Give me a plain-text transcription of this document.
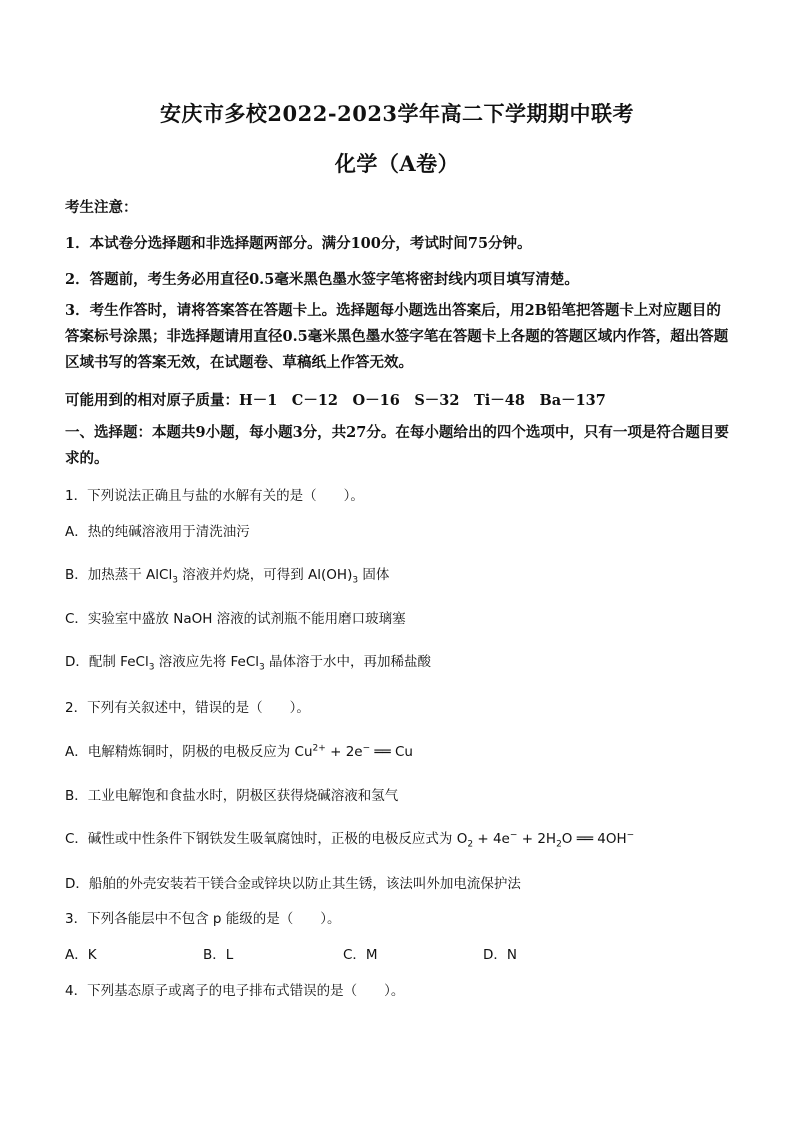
安庆市多校2022-2023学年高二下学期期中联考
化学（A卷）
考生注意：
1．本试卷分选择题和非选择题两部分。满分100分，考试时间75分钟。
2．答题前，考生务必用直径0.5毫米黑色墨水签字笔将密封线内项目填写清楚。
3．考生作答时，请将答案答在答题卡上。选择题每小题选出答案后，用2B铅笔把答题卡上对应题目的答案标号涂黑；非选择题请用直径0.5毫米黑色墨水签字笔在答题卡上各题的答题区域内作答，超出答题区域书写的答案无效，在试题卷、草稿纸上作答无效。
可能用到的相对原子质量：H－1　C－12　O－16　S－32　Ti－48　Ba－137
一、选择题：本题共9小题，每小题3分，共27分。在每小题给出的四个选项中，只有一项是符合题目要求的。
1．下列说法正确且与盐的水解有关的是（　　）。
A．热的纯碱溶液用于清洗油污
B．加热蒸干 AlCl$_3$ 溶液并灼烧，可得到 $Al(OH)_3$ 固体
C．实验室中盛放 NaOH 溶液的试剂瓶不能用磨口玻璃塞
D．配制 FeCl$_3$ 溶液应先将 FeCl$_3$ 晶体溶于水中，再加稀盐酸
2．下列有关叙述中，错误的是（　　）。
A．电解精炼铜时，阴极的电极反应为 $Cu^{2+} + 2e^-$ ══ Cu
B．工业电解饱和食盐水时，阴极区获得烧碱溶液和氢气
C．碱性或中性条件下钢铁发生吸氧腐蚀时，正极的电极反应式为 $O_2 + 4e^- + 2H_2O$ ══ 4OH−
D．船舶的外壳安装若干镁合金或锌块以防止其生锈，该法叫外加电流保护法
3．下列各能层中不包含 p 能级的是（　　）。
A．K	B．L	C．M	D．N
4．下列基态原子或离子的电子排布式错误的是（　　）。
